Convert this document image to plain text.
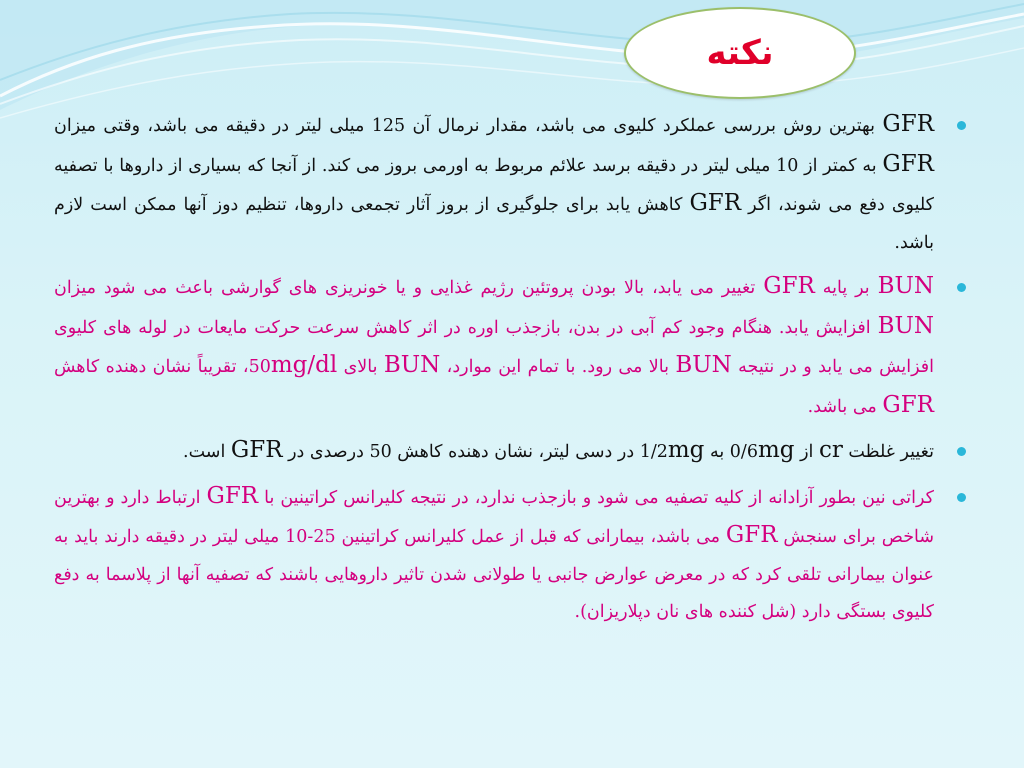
نکته
GFR بهترین روش بررسی عملکرد کلیوی می باشد، مقدار نرمال آن 125 میلی لیتر در دقیقه می باشد، وقتی میزان GFR به کمتر از 10 میلی لیتر در دقیقه برسد علائم مربوط به اورمی بروز می کند. از آنجا که بسیاری از داروها با تصفیه کلیوی دفع می شوند، اگر GFR کاهش یابد برای جلوگیری از بروز آثار تجمعی داروها، تنظیم دوز آنها ممکن است لازم باشد.
BUN بر پایه GFR تغییر می یابد، بالا بودن پروتئین رژیم غذایی و یا خونریزی های گوارشی باعث می شود میزان BUN افزایش یابد. هنگام وجود کم آبی در بدن، بازجذب اوره در اثر کاهش سرعت حرکت مایعات در لوله های کلیوی افزایش می یابد و در نتیجه BUN بالا می رود. با تمام این موارد، BUN بالای 50mg/dl، تقریباً نشان دهنده کاهش GFR می باشد.
تغییر غلظت cr از 0/6mg به 1/2mg در دسی لیتر، نشان دهنده کاهش 50 درصدی در GFR است.
کراتی نین بطور آزادانه از کلیه تصفیه می شود و بازجذب ندارد، در نتیجه کلیرانس کراتینین با GFR ارتباط دارد و بهترین شاخص برای سنجش GFR می باشد، بیمارانی که قبل از عمل کلیرانس کراتینین 25-10 میلی لیتر در دقیقه دارند باید به عنوان بیمارانی تلقی کرد که در معرض عوارض جانبی یا طولانی شدن تاثیر داروهایی باشند که تصفیه آنها از پلاسما به دفع کلیوی بستگی دارد (شل کننده های نان دپلاریزان).
